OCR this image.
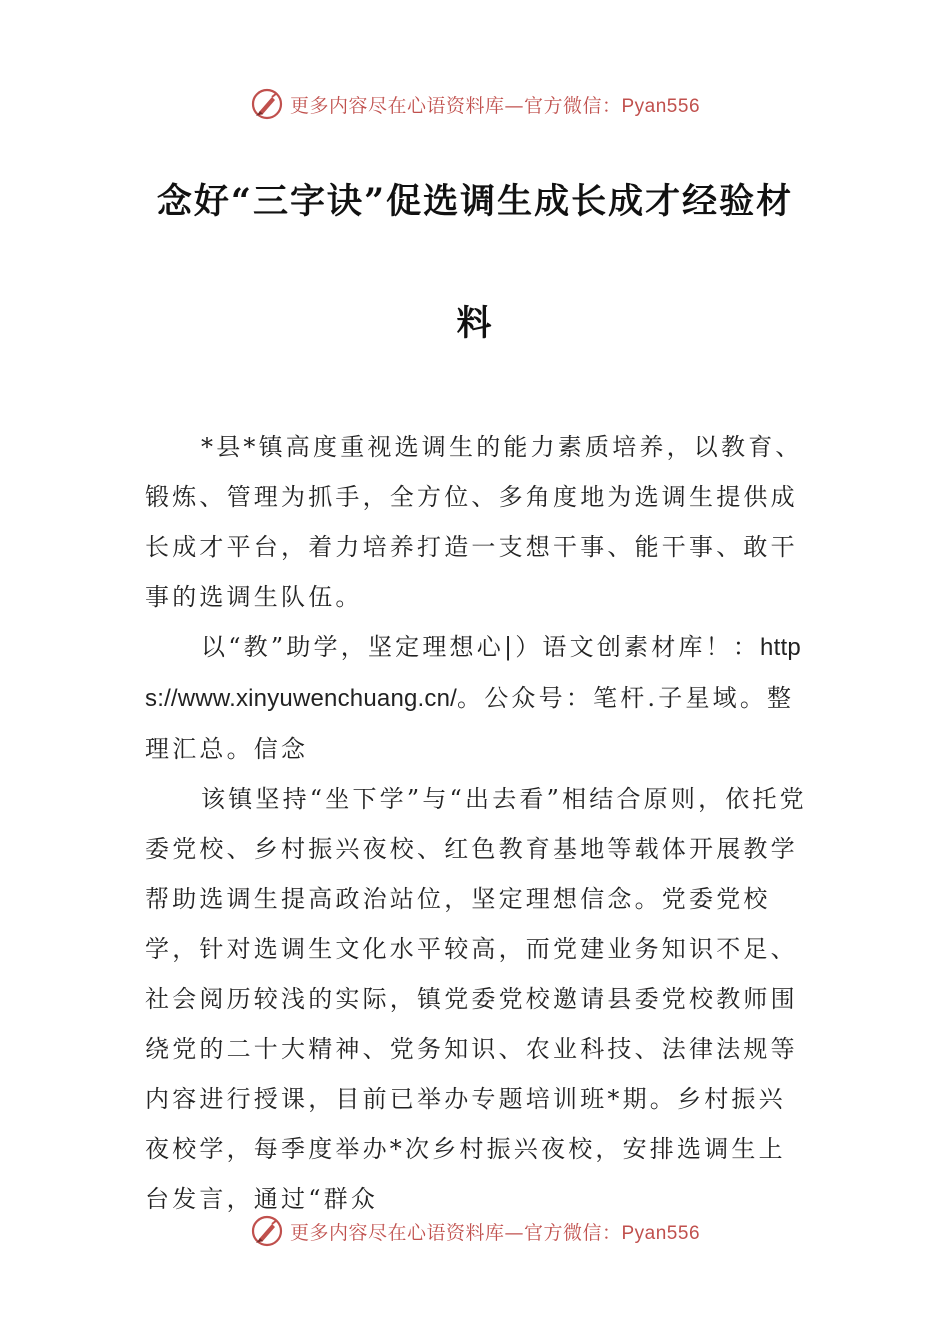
更多内容尽在心语资料库—官方微信：Pyan556
念好“三字诀”促选调生成长成才经验材
料

*县*镇高度重视选调生的能力素质培养，以教育、锻炼、管理为抓手，全方位、多角度地为选调生提供成长成才平台，着力培养打造一支想干事、能干事、敢干事的选调生队伍。

以“教”助学，坚定理想心|）语文创素材库！：https://www.xinyuwenchuang.cn/。公众号：笔杆.子星域。整理汇总。信念

该镇坚持“坐下学”与“出去看”相结合原则，依托党委党校、乡村振兴夜校、红色教育基地等载体开展教学帮助选调生提高政治站位，坚定理想信念。党委党校学，针对选调生文化水平较高，而党建业务知识不足、社会阅历较浅的实际，镇党委党校邀请县委党校教师围绕党的二十大精神、党务知识、农业科技、法律法规等内容进行授课，目前已举办专题培训班*期。乡村振兴夜校学，每季度举办*次乡村振兴夜校，安排选调生上台发言，通过“群众

更多内容尽在心语资料库—官方微信：Pyan556
